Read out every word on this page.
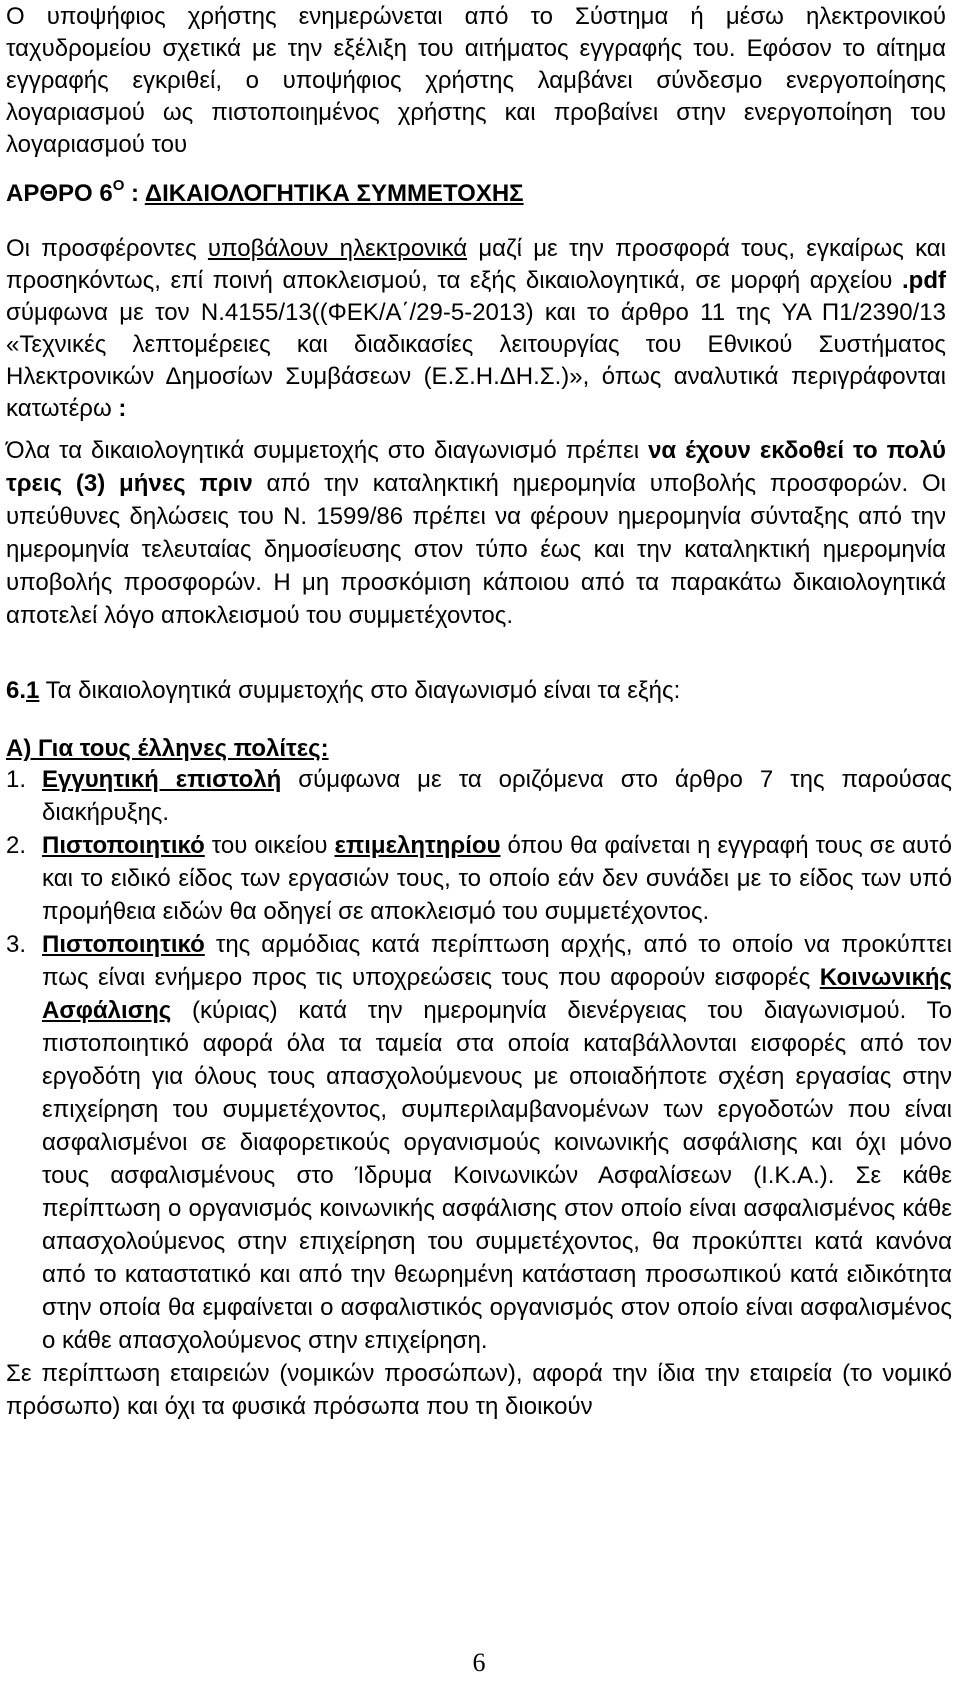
Ο υποψήφιος χρήστης ενημερώνεται από το Σύστημα ή μέσω ηλεκτρονικού ταχυδρομείου σχετικά με την εξέλιξη του αιτήματος εγγραφής του. Εφόσον το αίτημα εγγραφής εγκριθεί, ο υποψήφιος χρήστης λαμβάνει σύνδεσμο ενεργοποίησης λογαριασμού ως πιστοποιημένος χρήστης και προβαίνει στην ενεργοποίηση του λογαριασμού του
ΑΡΘΡΟ $6^O$ : ΔΙΚΑΙΟΛΟΓΗΤΙΚΑ ΣΥΜΜΕΤΟΧΗΣ
Οι προσφέροντες υποβάλουν ηλεκτρονικά μαζί με την προσφορά τους, εγκαίρως και προσηκόντως, επί ποινή αποκλεισμού, τα εξής δικαιολογητικά, σε μορφή αρχείου .pdf σύμφωνα με τον Ν.4155/13((ΦΕΚ/Α΄/29-5-2013) και το άρθρο 11 της ΥΑ Π1/2390/13 «Τεχνικές λεπτομέρειες και διαδικασίες λειτουργίας του Εθνικού Συστήματος Ηλεκτρονικών Δημοσίων Συμβάσεων (Ε.Σ.Η.ΔΗ.Σ.)», όπως αναλυτικά περιγράφονται κατωτέρω :
Όλα τα δικαιολογητικά συμμετοχής στο διαγωνισμό πρέπει να έχουν εκδοθεί το πολύ τρεις (3) μήνες πριν από την καταληκτική ημερομηνία υποβολής προσφορών. Οι υπεύθυνες δηλώσεις του Ν. 1599/86 πρέπει να φέρουν ημερομηνία σύνταξης από την ημερομηνία τελευταίας δημοσίευσης στον τύπο έως και την καταληκτική ημερομηνία υποβολής προσφορών. Η μη προσκόμιση κάποιου από τα παρακάτω δικαιολογητικά αποτελεί λόγο αποκλεισμού του συμμετέχοντος.
6.1 Τα δικαιολογητικά συμμετοχής στο διαγωνισμό είναι τα εξής:
Α) Για τους έλληνες πολίτες:
1. Εγγυητική επιστολή σύμφωνα με τα οριζόμενα στο άρθρο 7 της παρούσας διακήρυξης.
2. Πιστοποιητικό του οικείου επιμελητηρίου όπου θα φαίνεται η εγγραφή τους σε αυτό και το ειδικό είδος των εργασιών τους, το οποίο εάν δεν συνάδει με το είδος των υπό προμήθεια ειδών θα οδηγεί σε αποκλεισμό του συμμετέχοντος.
3. Πιστοποιητικό της αρμόδιας κατά περίπτωση αρχής, από το οποίο να προκύπτει πως είναι ενήμερο προς τις υποχρεώσεις τους που αφορούν εισφορές Κοινωνικής Ασφάλισης (κύριας) κατά την ημερομηνία διενέργειας του διαγωνισμού. Το πιστοποιητικό αφορά όλα τα ταμεία στα οποία καταβάλλονται εισφορές από τον εργοδότη για όλους τους απασχολούμενους με οποιαδήποτε σχέση εργασίας στην επιχείρηση του συμμετέχοντος, συμπεριλαμβανομένων των εργοδοτών που είναι ασφαλισμένοι σε διαφορετικούς οργανισμούς κοινωνικής ασφάλισης και όχι μόνο τους ασφαλισμένους στο Ίδρυμα Κοινωνικών Ασφαλίσεων (Ι.Κ.Α.). Σε κάθε περίπτωση ο οργανισμός κοινωνικής ασφάλισης στον οποίο είναι ασφαλισμένος κάθε απασχολούμενος στην επιχείρηση του συμμετέχοντος, θα προκύπτει κατά κανόνα από το καταστατικό και από την θεωρημένη κατάσταση προσωπικού κατά ειδικότητα στην οποία θα εμφαίνεται ο ασφαλιστικός οργανισμός στον οποίο είναι ασφαλισμένος ο κάθε απασχολούμενος στην επιχείρηση.
Σε περίπτωση εταιρειών (νομικών προσώπων), αφορά την ίδια την εταιρεία (το νομικό πρόσωπο) και όχι τα φυσικά πρόσωπα που τη διοικούν
6
